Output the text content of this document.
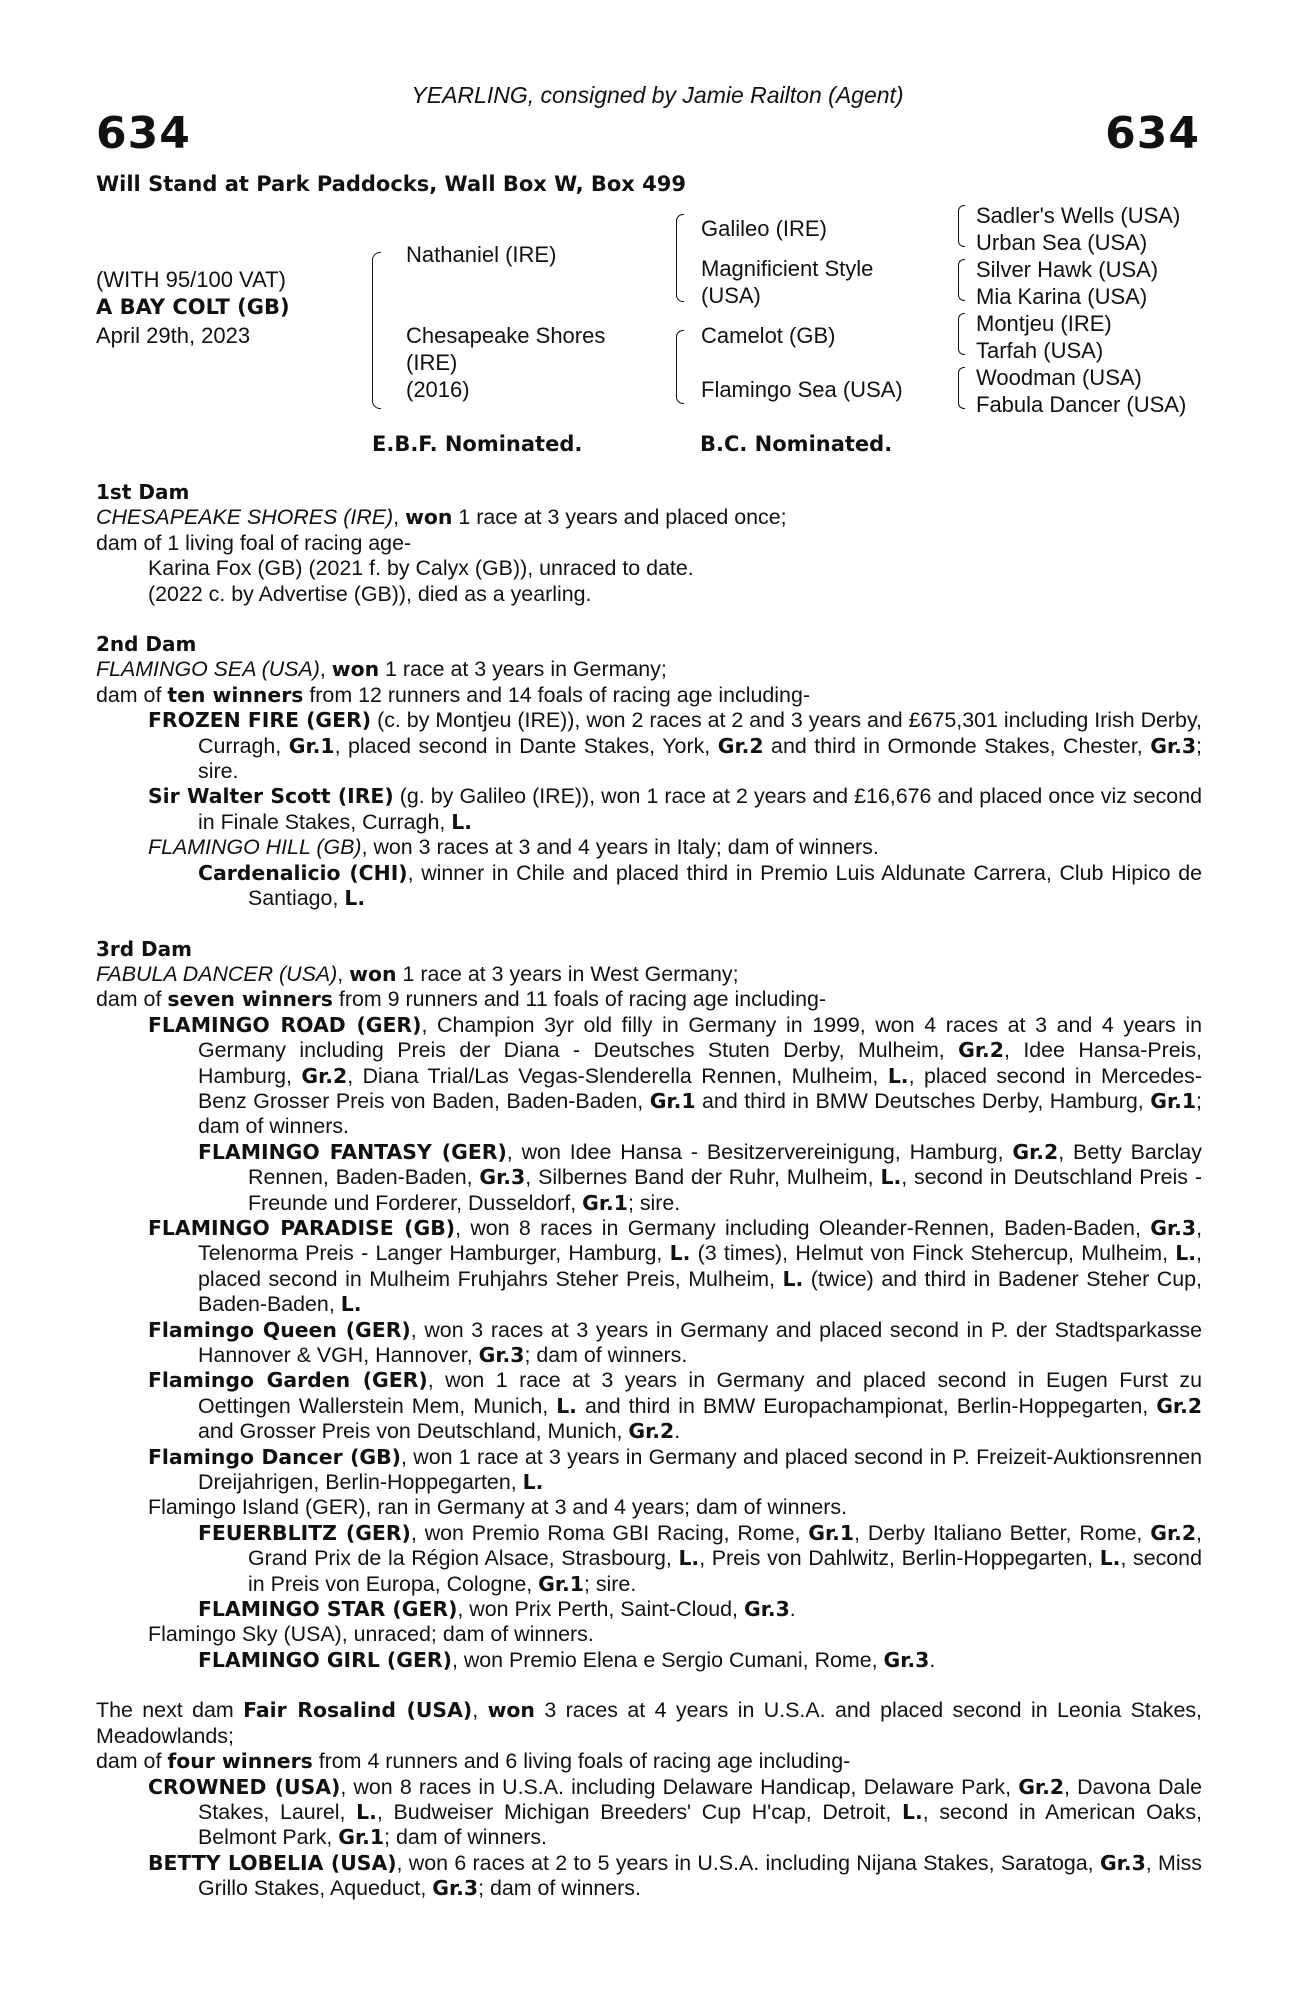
YEARLING, consigned by Jamie Railton (Agent)
634	634
Will Stand at Park Paddocks, Wall Box W, Box 499
(WITH 95/100 VAT)
A BAY COLT (GB)
April 29th, 2023
Nathaniel (IRE)
Chesapeake Shores
(IRE)
(2016)
Galileo (IRE)
Magnificient Style
(USA)
Camelot (GB)
Flamingo Sea (USA)
Sadler's Wells (USA)
Urban Sea (USA)
Silver Hawk (USA)
Mia Karina (USA)
Montjeu (IRE)
Tarfah (USA)
Woodman (USA)
Fabula Dancer (USA)
E.B.F. Nominated.	B.C. Nominated.

1st Dam

CHESAPEAKE SHORES (IRE), won 1 race at 3 years and placed once;

dam of 1 living foal of racing age-

Karina Fox (GB) (2021 f. by Calyx (GB)), unraced to date.

(2022 c. by Advertise (GB)), died as a yearling.

2nd Dam

FLAMINGO SEA (USA), won 1 race at 3 years in Germany;

dam of ten winners from 12 runners and 14 foals of racing age including-

FROZEN FIRE (GER) (c. by Montjeu (IRE)), won 2 races at 2 and 3 years and £675,301 including Irish Derby, Curragh, Gr.1, placed second in Dante Stakes, York, Gr.2 and third in Ormonde Stakes, Chester, Gr.3; sire.

Sir Walter Scott (IRE) (g. by Galileo (IRE)), won 1 race at 2 years and £16,676 and placed once viz second in Finale Stakes, Curragh, L.

FLAMINGO HILL (GB), won 3 races at 3 and 4 years in Italy; dam of winners.

Cardenalicio (CHI), winner in Chile and placed third in Premio Luis Aldunate Carrera, Club Hipico de Santiago, L.

3rd Dam

FABULA DANCER (USA), won 1 race at 3 years in West Germany;

dam of seven winners from 9 runners and 11 foals of racing age including-

FLAMINGO ROAD (GER), Champion 3yr old filly in Germany in 1999, won 4 races at 3 and 4 years in Germany including Preis der Diana - Deutsches Stuten Derby, Mulheim, Gr.2, Idee Hansa-Preis, Hamburg, Gr.2, Diana Trial/Las Vegas-Slenderella Rennen, Mulheim, L., placed second in Mercedes-Benz Grosser Preis von Baden, Baden-Baden, Gr.1 and third in BMW Deutsches Derby, Hamburg, Gr.1; dam of winners.

FLAMINGO FANTASY (GER), won Idee Hansa - Besitzervereinigung, Hamburg, Gr.2, Betty Barclay Rennen, Baden-Baden, Gr.3, Silbernes Band der Ruhr, Mulheim, L., second in Deutschland Preis - Freunde und Forderer, Dusseldorf, Gr.1; sire.

FLAMINGO PARADISE (GB), won 8 races in Germany including Oleander-Rennen, Baden-Baden, Gr.3, Telenorma Preis - Langer Hamburger, Hamburg, L. (3 times), Helmut von Finck Stehercup, Mulheim, L., placed second in Mulheim Fruhjahrs Steher Preis, Mulheim, L. (twice) and third in Badener Steher Cup, Baden-Baden, L.

Flamingo Queen (GER), won 3 races at 3 years in Germany and placed second in P. der Stadtsparkasse Hannover & VGH, Hannover, Gr.3; dam of winners.

Flamingo Garden (GER), won 1 race at 3 years in Germany and placed second in Eugen Furst zu Oettingen Wallerstein Mem, Munich, L. and third in BMW Europachampionat, Berlin-Hoppegarten, Gr.2 and Grosser Preis von Deutschland, Munich, Gr.2.

Flamingo Dancer (GB), won 1 race at 3 years in Germany and placed second in P. Freizeit-Auktionsrennen Dreijahrigen, Berlin-Hoppegarten, L.

Flamingo Island (GER), ran in Germany at 3 and 4 years; dam of winners.

FEUERBLITZ (GER), won Premio Roma GBI Racing, Rome, Gr.1, Derby Italiano Better, Rome, Gr.2, Grand Prix de la Région Alsace, Strasbourg, L., Preis von Dahlwitz, Berlin-Hoppegarten, L., second in Preis von Europa, Cologne, Gr.1; sire.

FLAMINGO STAR (GER), won Prix Perth, Saint-Cloud, Gr.3.

Flamingo Sky (USA), unraced; dam of winners.

FLAMINGO GIRL (GER), won Premio Elena e Sergio Cumani, Rome, Gr.3.

The next dam Fair Rosalind (USA), won 3 races at 4 years in U.S.A. and placed second in Leonia Stakes, Meadowlands;

dam of four winners from 4 runners and 6 living foals of racing age including-

CROWNED (USA), won 8 races in U.S.A. including Delaware Handicap, Delaware Park, Gr.2, Davona Dale Stakes, Laurel, L., Budweiser Michigan Breeders' Cup H'cap, Detroit, L., second in American Oaks, Belmont Park, Gr.1; dam of winners.

BETTY LOBELIA (USA), won 6 races at 2 to 5 years in U.S.A. including Nijana Stakes, Saratoga, Gr.3, Miss Grillo Stakes, Aqueduct, Gr.3; dam of winners.
